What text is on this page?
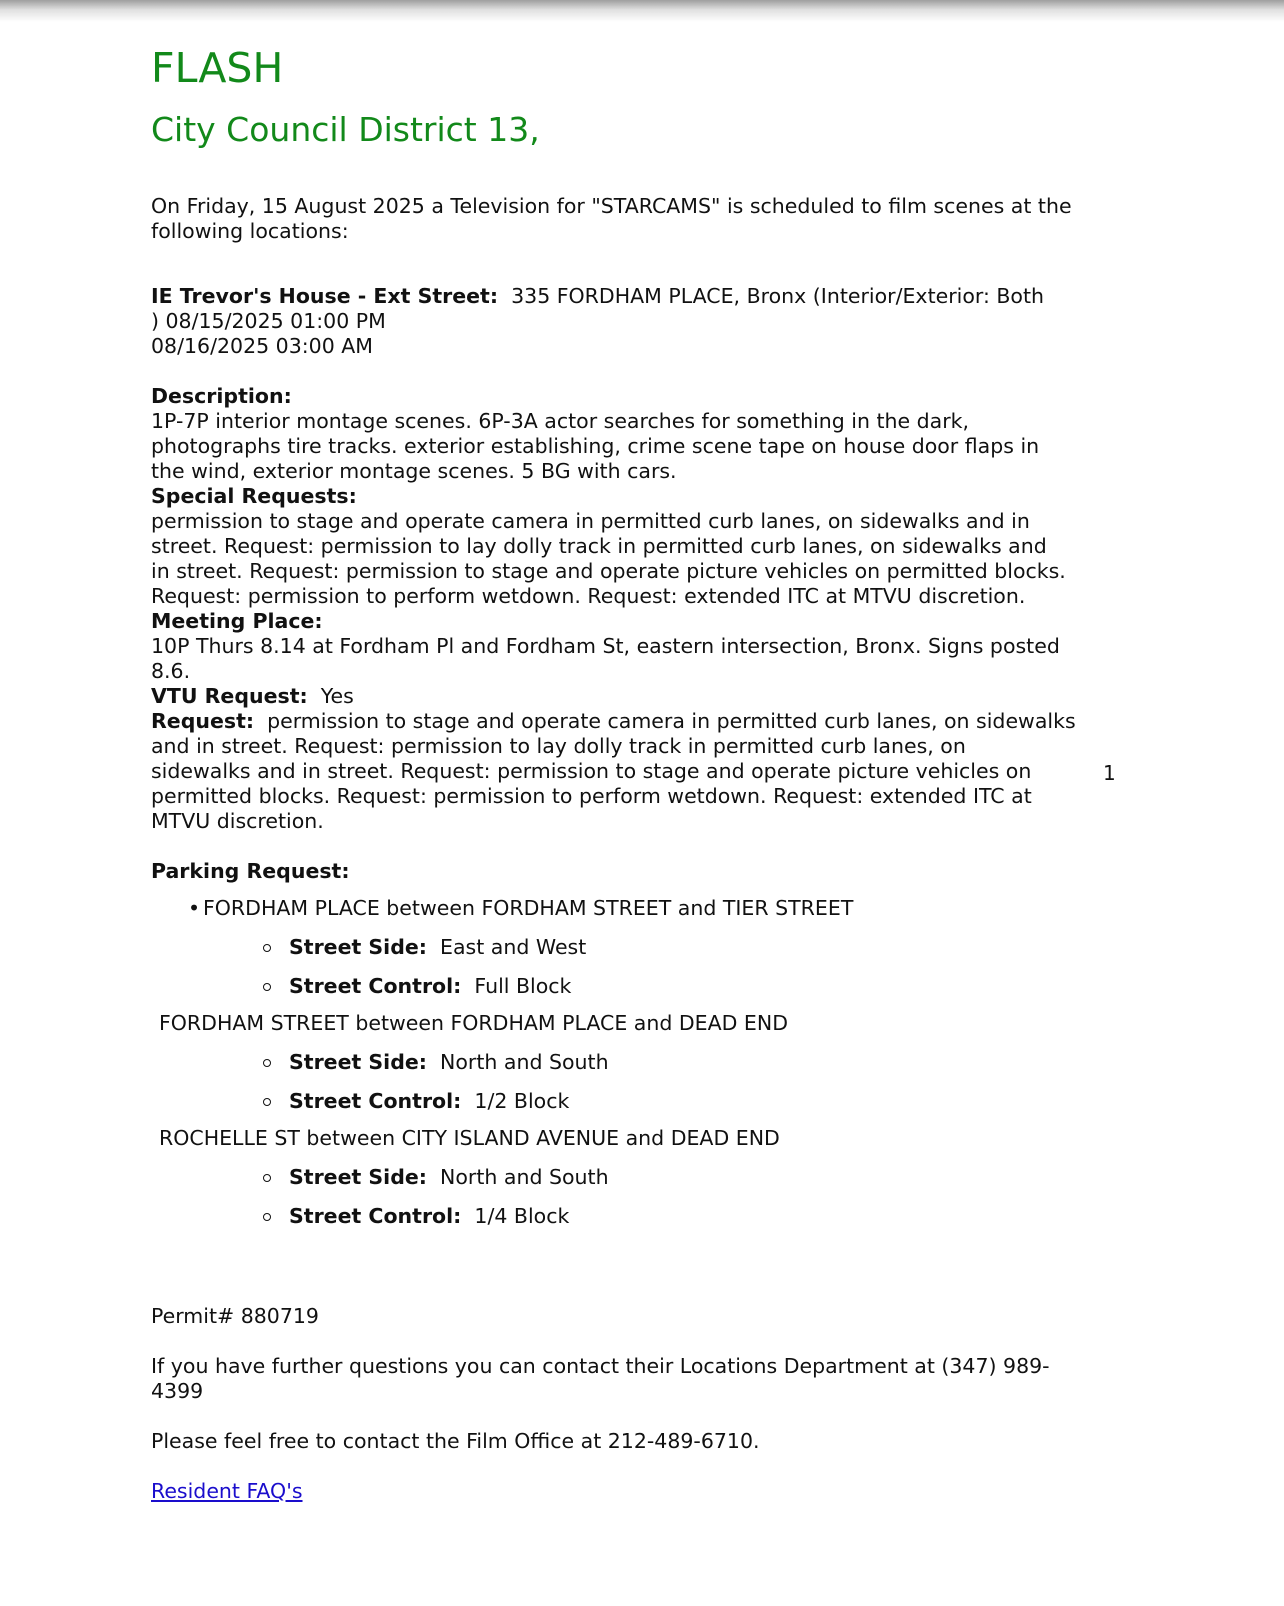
FLASH
City Council District 13,
On Friday, 15 August 2025 a Television for "STARCAMS" is scheduled to film scenes at the
following locations:
IE Trevor's House - Ext Street: 335 FORDHAM PLACE, Bronx (Interior/Exterior: Both
) 08/15/2025 01:00 PM
08/16/2025 03:00 AM
Description:
1P-7P interior montage scenes. 6P-3A actor searches for something in the dark,
photographs tire tracks. exterior establishing, crime scene tape on house door flaps in
the wind, exterior montage scenes. 5 BG with cars.
Special Requests:
permission to stage and operate camera in permitted curb lanes, on sidewalks and in
street. Request: permission to lay dolly track in permitted curb lanes, on sidewalks and
in street. Request: permission to stage and operate picture vehicles on permitted blocks.
Request: permission to perform wetdown. Request: extended ITC at MTVU discretion.
Meeting Place:
10P Thurs 8.14 at Fordham Pl and Fordham St, eastern intersection, Bronx. Signs posted
8.6.
VTU Request: Yes
Request: permission to stage and operate camera in permitted curb lanes, on sidewalks
and in street. Request: permission to lay dolly track in permitted curb lanes, on
sidewalks and in street. Request: permission to stage and operate picture vehicles on
permitted blocks. Request: permission to perform wetdown. Request: extended ITC at
MTVU discretion.
Parking Request:
• FORDHAM PLACE between FORDHAM STREET and TIER STREET
Street Side: East and West
Street Control: Full Block
FORDHAM STREET between FORDHAM PLACE and DEAD END
Street Side: North and South
Street Control: 1/2 Block
ROCHELLE ST between CITY ISLAND AVENUE and DEAD END
Street Side: North and South
Street Control: 1/4 Block
Permit# 880719
If you have further questions you can contact their Locations Department at (347) 989-
4399
Please feel free to contact the Film Office at 212-489-6710.
Resident FAQ's
1
